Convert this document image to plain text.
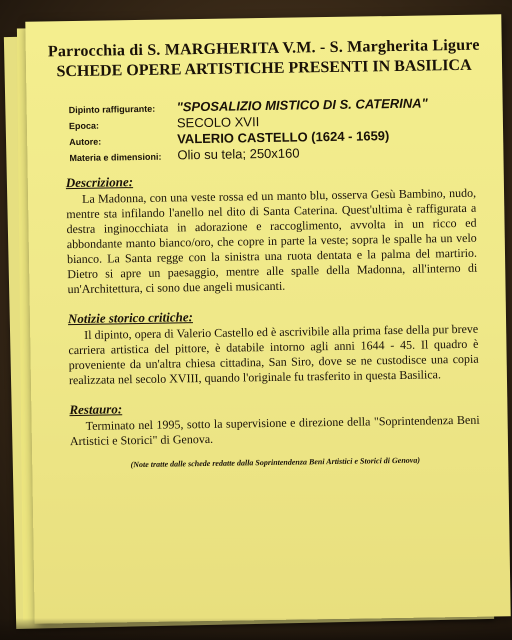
Parrocchia di S. MARGHERITA V.M. - S. Margherita Ligure
SCHEDE OPERE ARTISTICHE PRESENTI IN BASILICA
Dipinto raffigurante:	"SPOSALIZIO MISTICO DI S. CATERINA"
Epoca:	SECOLO XVII
Autore:	VALERIO CASTELLO (1624 - 1659)
Materia e dimensioni:	Olio su tela; 250x160
Descrizione:

La Madonna, con una veste rossa ed un manto blu, osserva Gesù Bambino, nudo, mentre sta infilando l'anello nel dito di Santa Caterina. Quest'ultima è raffigurata a destra inginocchiata in adorazione e raccoglimento, avvolta in un ricco ed abbondante manto bianco/oro, che copre in parte la veste; sopra le spalle ha un velo bianco. La Santa regge con la sinistra una ruota dentata e la palma del martirio. Dietro si apre un paesaggio, mentre alle spalle della Madonna, all'interno di un'Architettura, ci sono due angeli musicanti.

Notizie storico critiche:

Il dipinto, opera di Valerio Castello ed è ascrivibile alla prima fase della pur breve carriera artistica del pittore, è databile intorno agli anni 1644 - 45. Il quadro è proveniente da un'altra chiesa cittadina, San Siro, dove se ne custodisce una copia realizzata nel secolo XVIII, quando l'originale fu trasferito in questa Basilica.

Restauro:

Terminato nel 1995, sotto la supervisione e direzione della "Soprintendenza Beni Artistici e Storici" di Genova.

(Note tratte dalle schede redatte dalla Soprintendenza Beni Artistici e Storici di Genova)
